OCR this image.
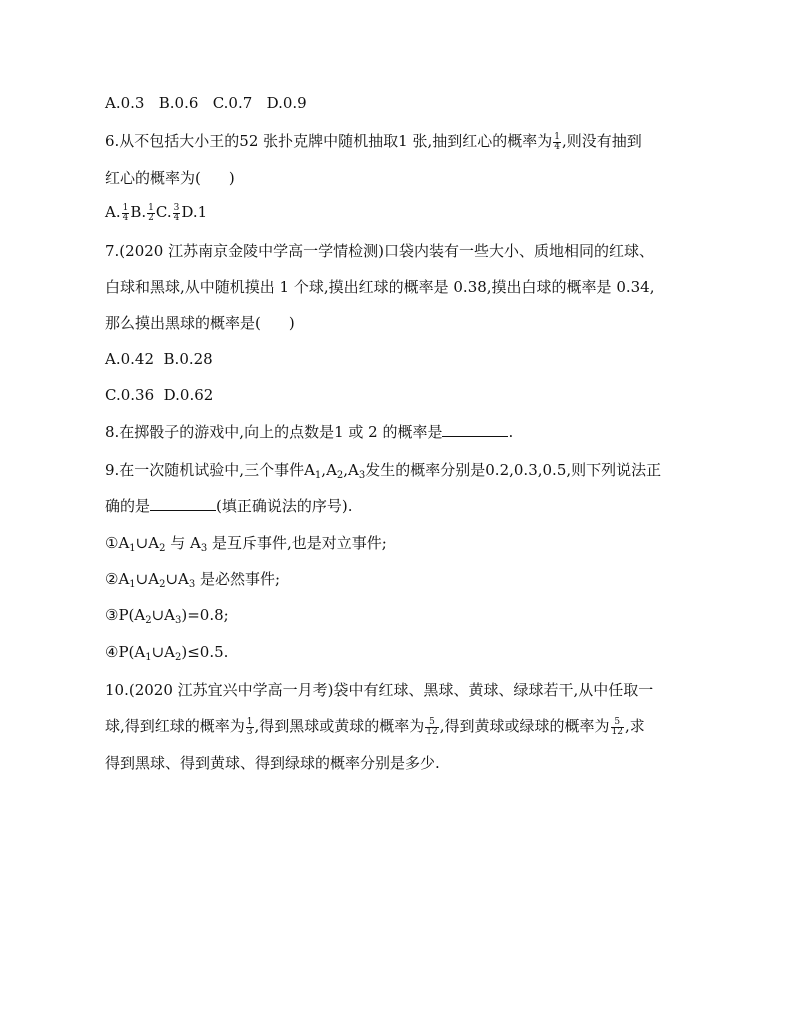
A.0.3   B.0.6   C.0.7   D.0.9
6.从不包括大小王的52 张扑克牌中随机抽取1 张,抽到红心的概率为 $\frac{1}{4}$ ,则没有抽到
红心的概率为( )
A. $\frac{1}{4} B$. $\frac{1}{2} C$. $\frac{3}{4} D.1$
7.(2020 江苏南京金陵中学高一学情检测)口袋内装有一些大小、质地相同的红球、
白球和黑球,从中随机摸出 1 个球,摸出红球的概率是 0.38,摸出白球的概率是 0.34,
那么摸出黑球的概率是( )
A.0.42  B.0.28
C.0.36  D.0.62
8.在掷骰子的游戏中,向上的点数是1 或 2 的概率是	.
9.在一次随机试验中,三个事件$A_1,A_2,A_3$发生的概率分别是0.2,0.3,0.5,则下列说法正
确的是	(填正确说法的序号).
$①A_1\cup A_2$ 与 $A_3$ 是互斥事件,也是对立事件;
$②A_1\cup A_2\cup A_3$ 是必然事件;
$③P(A_2\cup A_3)=0.8$;
$④P(A_1\cup A_2)\le 0.5$.
10.(2020 江苏宜兴中学高一月考)袋中有红球、黑球、黄球、绿球若干,从中任取一
球,得到红球的概率为 $\frac{1}{3}$ ,得到黑球或黄球的概率为 $\frac{5}{12}$ ,得到黄球或绿球的概率为 $\frac{5}{12}$ ,求
得到黑球、得到黄球、得到绿球的概率分别是多少.
